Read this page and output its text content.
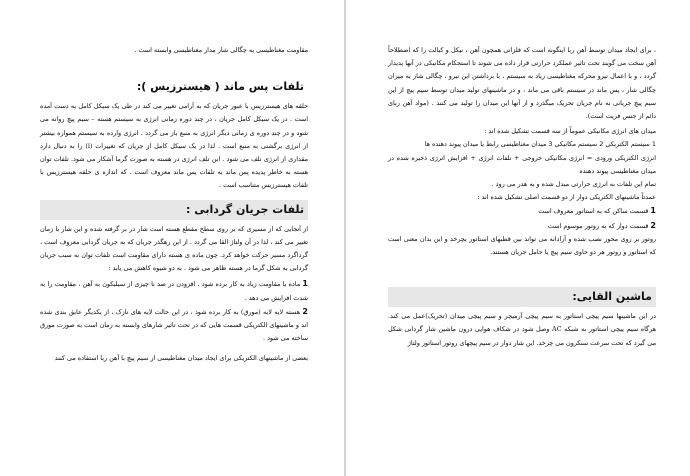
مقاومت مغناطیسی به چگالی شار مدار مغناطیسی وابسته است .

تلفات پس ماند ( هیسترزیس ):

حلقه های هیسترزیس با عبور جریان که به آرامی تغییر می کند در طی یک سیکل کامل به دست آمده است . در یک سیکل کامل جریان ، در چند دوره زمانی انرژی به سیستم هسته – سیم پیچ روانه می شود و در چند دوره ی زمانی دیگر انرژی به منبع باز می گردد . انرژی وارده به سیستم همواره بیشتر از انرژی برگشتی به منبع است . لذا در یک سیکل کامل از جریان که تغییرات (i) را به دنبال دارد مقداری از انرژی تلف می شود . این تلف انرژی در هسته به صورت گرما آشکار می شود. تلفات توان هسته به خاطر پدیده پس ماند به تلفات پس ماند معروف است . که اندازه ی حلقه هیسترزیس با تلفات هیسترزیس متناسب است .

تلفات جریان گردابی :

از آنجایی که از مسیری که بر روی سطح مقطع هسته است شار در بر گرفته شده و این شار با زمان تغییر می کند ، لذا در آن ولتاژ القا می گردد . از این رهگذر جریان که به جریان گردابی معروف است ، گرداگرد مسیر حرکت خواهد کرد. چون ماده ی هسته دارای مقاومت است تلفات توان به سبب جریان گردابی به شکل گرما در هسته ظاهر می شود . به دو شیوه کاهش می یابد :

1 ماده با مقاومت زیاد به کار برده شود . افزودن در صد نا چیزی از سیلیکون به آهن ، مقاومت را به شدت افزایش می دهد .

2 هسته لایه لایه (مورق) به کار برده شود ، در این حالت لایه های نازک ، از یکدیگر عایق بندی شده اند و ماشینهای الکتریکی قسمت هایی که در تحت تاثیر شارهای وابسته به زمان است به صورت مورق ساخته می شود .

بعضی از ماشینهای الکتریکی برای ایجاد میدان مغناطیسی از سیم پیچ با آهن ربا استفاده می کنند

، برای ایجاد میدان توسط آهن ربا اینگونه است که فلزاتی همچون آهن ، نیکل و کبالت را که اصطلاحاً آهن سخت می گویند تحت تاثیر عملکرد حرارتی قرار داده می شوند تا استحکام مکانیکی در آنها پدیدار گردد ، و با اعمال نیرو محرکه مغناطیسی زیاد به سیستم ، با برداشتن این نیرو ، چگالی شار به میزان چگالی شار ، پس ماند در سیستم باقی می ماند ، و در ماشینهای تولید میدان توسط سیم پیچ از این سیم پیچ جریانی به نام جریان تحریک میگذرد و از آنها این میدان را تولید می کنند . (مواد آهن ربای دائم از جنس فریت است).

میدان های انرژی مکانیکی عموماً از سه قسمت تشکیل شده اند :

1 سیستم الکتریکی 2 سیستم مکانیکی 3 میدان مغناطیسی رابط یا میدان پیوند دهنده ها

انرژی الکتریکی ورودی = انرژی مکانیکی خروجی + تلفات انرژی + افزایش انرژی ذخیره شده در میدان مغناطیسی پیوند دهنده

تمام این تلفات به انرژی حرارتی مبدل شده و به هدر می رود .

عمدتاً ماشینهای الکتریکی دوار از دو قسمت اصلی تشکیل شده اند :

1 قسمت ساکن که به استاتور معروف است

2 قسمت دوار که به روتور موسوم است

روتور بر روی محور نصب شده و آزادانه می تواند بین قطبهای استاتور بچرخد و این بدان معنی است که استاتور و روتور هر دو حاوی سیم پیچ یا حامل جریان هستند.

ماشین القایی:

در این ماشینها سیم پیچی استاتور به سیم پیچی آرمیچر و سیم پیچی میدان (تحریک)عمل می کند. هرگاه سیم پیچی استاتور به شبکه AC وصل شود در شکاف هوایی درون ماشین شار گردانی شکل می گیرد که تحت سرعت سنکرون می چرخد. این شار دوار در سیم پیچهای روتور استاتور ولتاژ
